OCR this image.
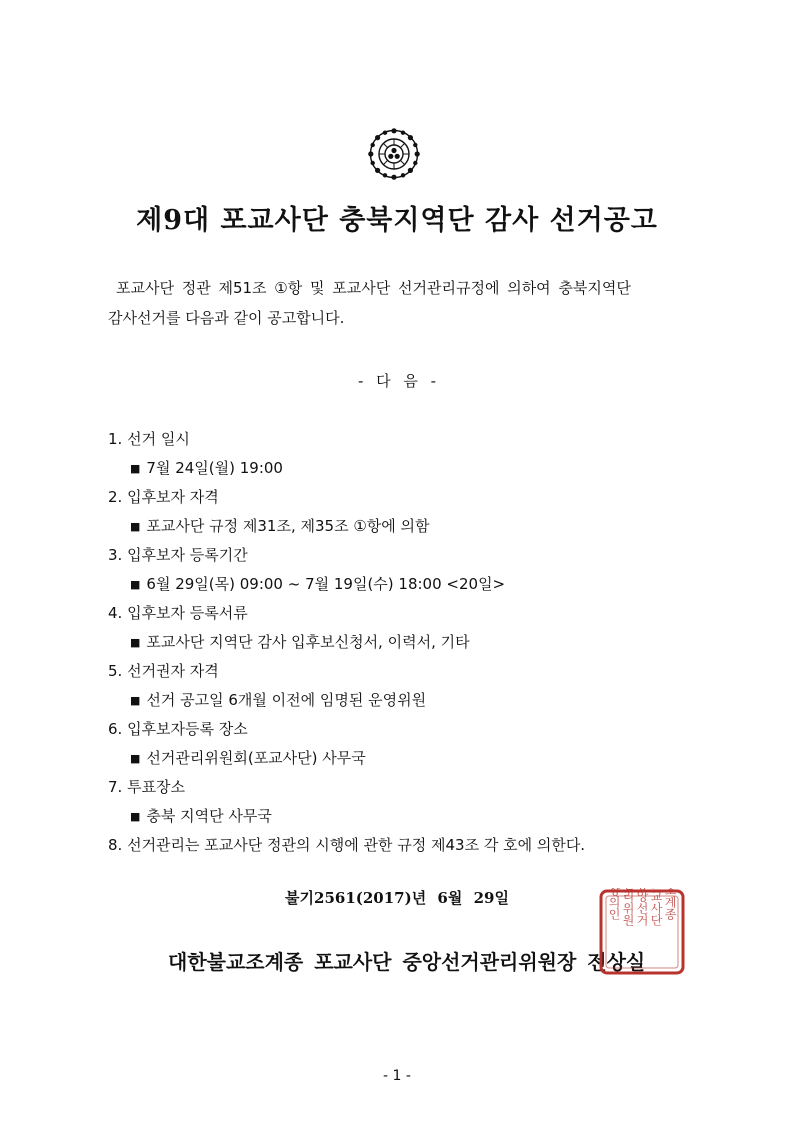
제9대 포교사단 충북지역단 감사 선거공고

포교사단 정관 제51조 ①항 및 포교사단 선거관리규정에 의하여 충북지역단

감사선거를 다음과 같이 공고합니다.

- 다 음 -
1. 선거 일시
■ 7월 24일(월) 19:00
2. 입후보자 자격
■ 포교사단 규정 제31조, 제35조 ①항에 의함
3. 입후보자 등록기간
■ 6월 29일(목) 09:00 ~ 7월 19일(수) 18:00 <20일>
4. 입후보자 등록서류
■ 포교사단 지역단 감사 입후보신청서, 이력서, 기타
5. 선거권자 자격
■ 선거 공고일 6개월 이전에 임명된 운영위원
6. 입후보자등록 장소
■ 선거관리위원회(포교사단) 사무국
7. 투표장소
■ 충북 지역단 사무국
8. 선거관리는 포교사단 정관의 시행에 관한 규정 제43조 각 호에 의한다.
불기2561(2017)년 6월 29일
대한불교조계종 포교사단 중앙선거관리위원장 전상실
조계종
포교사단
중앙선거
관리위원
장의인
- 1 -
